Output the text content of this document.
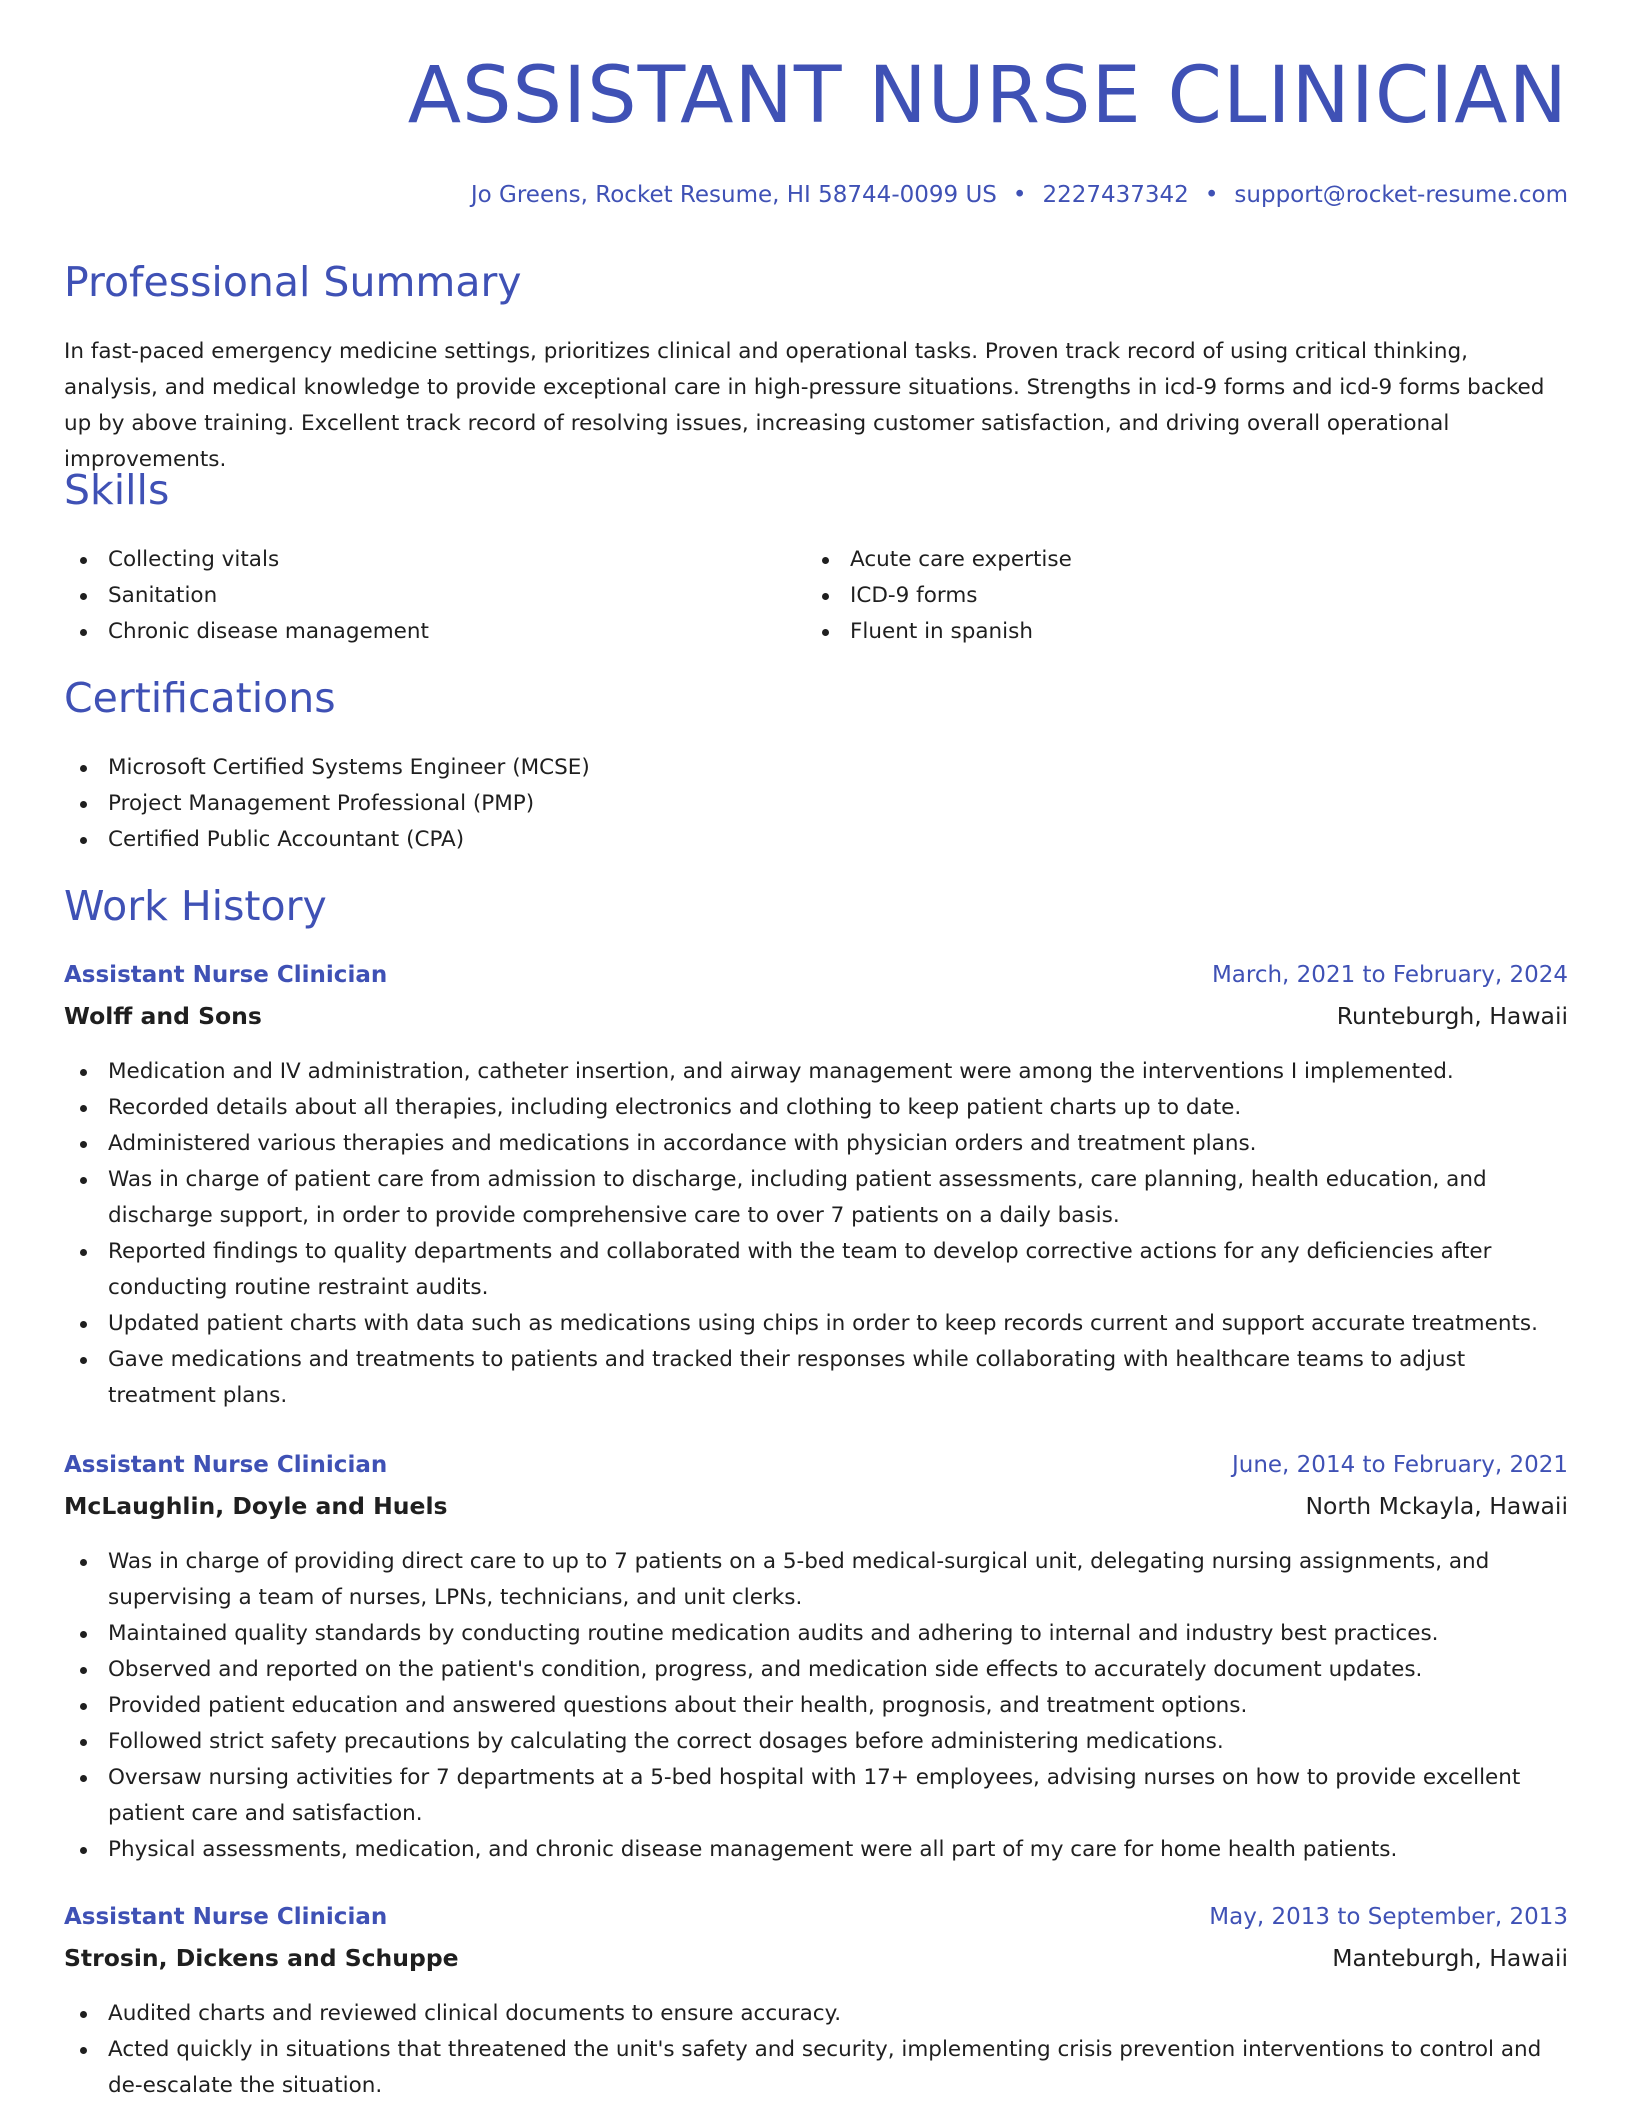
ASSISTANT NURSE CLINICIAN
Jo Greens, Rocket Resume, HI 58744-0099 US • 2227437342 • support@rocket-resume.com
Professional Summary

In fast-paced emergency medicine settings, prioritizes clinical and operational tasks. Proven track record of using critical thinking, analysis, and medical knowledge to provide exceptional care in high-pressure situations. Strengths in icd-9 forms and icd-9 forms backed up by above training. Excellent track record of resolving issues, increasing customer satisfaction, and driving overall operational improvements.

Skills
Collecting vitals
Sanitation
Chronic disease management
Acute care expertise
ICD-9 forms
Fluent in spanish
Certifications
Microsoft Certified Systems Engineer (MCSE)
Project Management Professional (PMP)
Certified Public Accountant (CPA)
Work History
Assistant Nurse Clinician	March, 2021 to February, 2024
Wolff and Sons	Runteburgh, Hawaii
Medication and IV administration, catheter insertion, and airway management were among the interventions I implemented.
Recorded details about all therapies, including electronics and clothing to keep patient charts up to date.
Administered various therapies and medications in accordance with physician orders and treatment plans.
Was in charge of patient care from admission to discharge, including patient assessments, care planning, health education, and discharge support, in order to provide comprehensive care to over 7 patients on a daily basis.
Reported findings to quality departments and collaborated with the team to develop corrective actions for any deficiencies after conducting routine restraint audits.
Updated patient charts with data such as medications using chips in order to keep records current and support accurate treatments.
Gave medications and treatments to patients and tracked their responses while collaborating with healthcare teams to adjust treatment plans.
Assistant Nurse Clinician	June, 2014 to February, 2021
McLaughlin, Doyle and Huels	North Mckayla, Hawaii
Was in charge of providing direct care to up to 7 patients on a 5-bed medical-surgical unit, delegating nursing assignments, and supervising a team of nurses, LPNs, technicians, and unit clerks.
Maintained quality standards by conducting routine medication audits and adhering to internal and industry best practices.
Observed and reported on the patient's condition, progress, and medication side effects to accurately document updates.
Provided patient education and answered questions about their health, prognosis, and treatment options.
Followed strict safety precautions by calculating the correct dosages before administering medications.
Oversaw nursing activities for 7 departments at a 5-bed hospital with 17+ employees, advising nurses on how to provide excellent patient care and satisfaction.
Physical assessments, medication, and chronic disease management were all part of my care for home health patients.
Assistant Nurse Clinician	May, 2013 to September, 2013
Strosin, Dickens and Schuppe	Manteburgh, Hawaii
Audited charts and reviewed clinical documents to ensure accuracy.
Acted quickly in situations that threatened the unit's safety and security, implementing crisis prevention interventions to control and de-escalate the situation.
